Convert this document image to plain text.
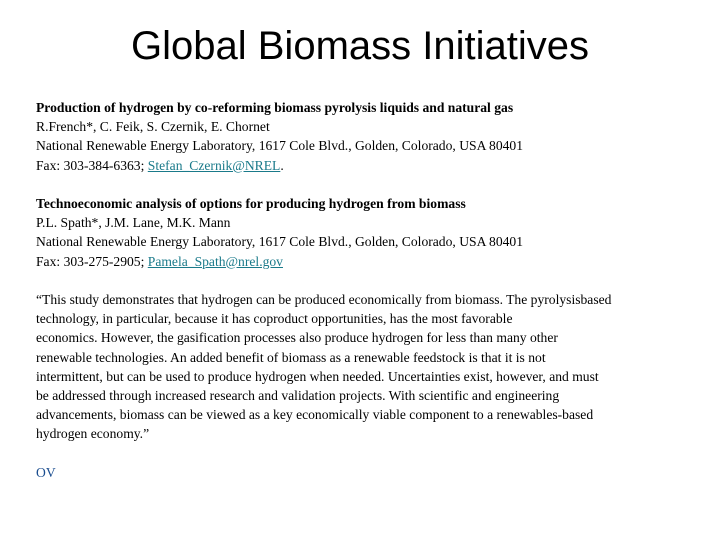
Global Biomass Initiatives

Production of hydrogen by co-reforming biomass pyrolysis liquids and natural gas

R.French*, C. Feik, S. Czernik, E. Chornet

National Renewable Energy Laboratory, 1617 Cole Blvd., Golden, Colorado, USA 80401

Fax: 303-384-6363; Stefan_Czernik@NREL.

Technoeconomic analysis of options for producing hydrogen from biomass

P.L. Spath*, J.M. Lane, M.K. Mann

National Renewable Energy Laboratory, 1617 Cole Blvd., Golden, Colorado, USA 80401

Fax: 303-275-2905; Pamela_Spath@nrel.gov

“This study demonstrates that hydrogen can be produced economically from biomass. The pyrolysisbased

technology, in particular, because it has coproduct opportunities, has the most favorable

economics. However, the gasification processes also produce hydrogen for less than many other

renewable technologies. An added benefit of biomass as a renewable feedstock is that it is not

intermittent, but can be used to produce hydrogen when needed. Uncertainties exist, however, and must

be addressed through increased research and validation projects. With scientific and engineering

advancements, biomass can be viewed as a key economically viable component to a renewables-based

hydrogen economy.”

OV
